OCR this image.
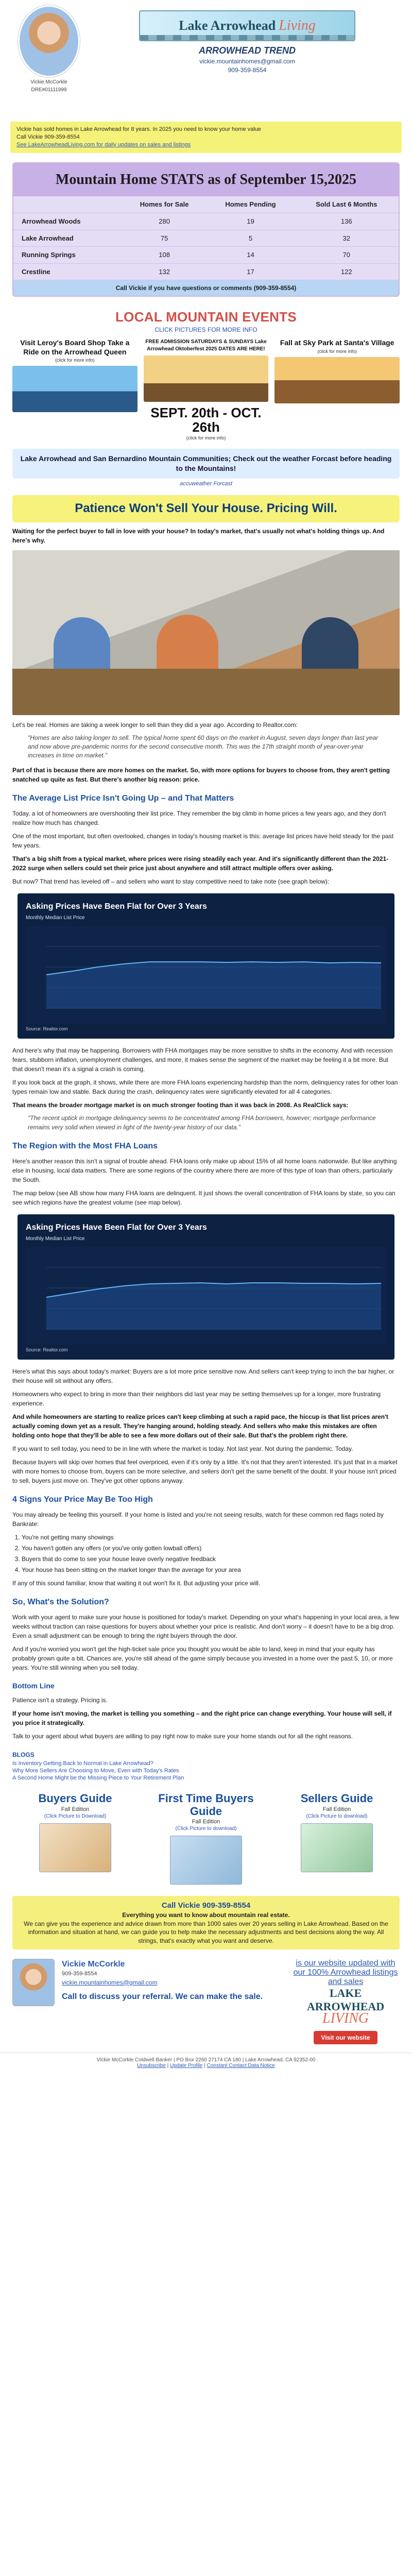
Vickie McCorkle
DRE#01111999
Lake Arrowhead Living
ARROWHEAD TREND
vickie.mountainhomes@gmail.com
909-359-8554
Vickie has sold homes in Lake Arrowhead for 8 years. In 2025 you need to know your home value
Call Vickie 909-359-8554
See LakeArrowheadLiving.com for daily updates on sales and listings
Mountain Home STATS as of September 15,2025
	Homes for Sale	Homes Pending	Sold Last 6 Months
Arrowhead Woods	280	19	136
Lake Arrowhead	75	5	32
Running Springs	108	14	70
Crestline	132	17	122
Call Vickie if you have questions or comments (909-359-8554)
LOCAL MOUNTAIN EVENTS
CLICK PICTURES FOR MORE INFO
Visit Leroy's Board Shop Take a Ride on the Arrowhead Queen
(click for more info)
FREE ADMISSION SATURDAYS & SUNDAYS Lake Arrowhead Oktoberfest 2025 DATES ARE HERE!
SEPT. 20th - OCT. 26th
(click for more info)
Fall at Sky Park at Santa's Village
(click for more info)
Lake Arrowhead and San Bernardino Mountain Communities; Check out the weather Forcast before heading to the Mountains!
accuweather Forcast
Patience Won't Sell Your House. Pricing Will.

Waiting for the perfect buyer to fall in love with your house? In today's market, that's usually not what's holding things up. And here's why.

Let's be real. Homes are taking a week longer to sell than they did a year ago. According to Realtor.com:

"Homes are also taking longer to sell. The typical home spent 60 days on the market in August, seven days longer than last year and now above pre-pandemic norms for the second consecutive month. This was the 17th straight month of year-over-year increases in time on market."

Part of that is because there are more homes on the market. So, with more options for buyers to choose from, they aren't getting snatched up quite as fast. But there's another big reason: price.

The Average List Price Isn't Going Up – and That Matters

Today, a lot of homeowners are overshooting their list price. They remember the big climb in home prices a few years ago, and they don't realize how much has changed.

One of the most important, but often overlooked, changes in today's housing market is this: average list prices have held steady for the past few years.

That's a big shift from a typical market, where prices were rising steadily each year. And it's significantly different than the 2021-2022 surge when sellers could set their price just about anywhere and still attract multiple offers over asking.

But now? That trend has leveled off – and sellers who want to stay competitive need to take note (see graph below):

Asking Prices Have Been Flat for Over 3 Years
Monthly Median List Price
Source: Realtor.com

And here's why that may be happening. Borrowers with FHA mortgages may be more sensitive to shifts in the economy. And with recession fears, stubborn inflation, unemployment challenges, and more, it makes sense the segment of the market may be feeling it a bit more. But that doesn't mean it's a signal a crash is coming.

If you look back at the graph, it shows, while there are more FHA loans experiencing hardship than the norm, delinquency rates for other loan types remain low and stable. Back during the crash, delinquency rates were significantly elevated for all 4 categories.

That means the broader mortgage market is on much stronger footing than it was back in 2008. As RealClick says:

"The recent uptick in mortgage delinquency seems to be concentrated among FHA borrowers, however; mortgage performance remains very solid when viewed in light of the twenty-year history of our data."

The Region with the Most FHA Loans

Here's another reason this isn't a signal of trouble ahead. FHA loans only make up about 15% of all home loans nationwide. But like anything else in housing, local data matters. There are some regions of the country where there are more of this type of loan than others, particularly the South.

The map below (see AB show how many FHA loans are delinquent. It just shows the overall concentration of FHA loans by state, so you can see which regions have the greatest volume (see map below).

Asking Prices Have Been Flat for Over 3 Years
Monthly Median List Price
Source: Realtor.com

Here's what this says about today's market: Buyers are a lot more price sensitive now. And sellers can't keep trying to inch the bar higher, or their house will sit without any offers.

Homeowners who expect to bring in more than their neighbors did last year may be setting themselves up for a longer, more frustrating experience.

And while homeowners are starting to realize prices can't keep climbing at such a rapid pace, the hiccup is that list prices aren't actually coming down yet as a result. They're hanging around, holding steady. And sellers who make this mistakes are often holding onto hope that they'll be able to see a few more dollars out of their sale. But that's the problem right there.

If you want to sell today, you need to be in line with where the market is today. Not last year. Not during the pandemic. Today.

Because buyers will skip over homes that feel overpriced, even if it's only by a little. It's not that they aren't interested. It's just that in a market with more homes to choose from, buyers can be more selective, and sellers don't get the same benefit of the doubt. If your house isn't priced to sell, buyers just move on. They've got other options anyway.

4 Signs Your Price May Be Too High

You may already be feeling this yourself. If your home is listed and you're not seeing results, watch for these common red flags noted by Bankrate:

1. You're not getting many showings
2. You haven't gotten any offers (or you've only gotten lowball offers)
3. Buyers that do come to see your house leave overly negative feedback
4. Your house has been sitting on the market longer than the average for your area

If any of this sound familiar, know that waiting it out won't fix it. But adjusting your price will.

So, What's the Solution?

Work with your agent to make sure your house is positioned for today's market. Depending on your what's happening in your local area, a few weeks without traction can raise questions for buyers about whether your price is realistic. And don't worry – it doesn't have to be a big drop. Even a small adjustment can be enough to bring the right buyers through the door.

And if you're worried you won't get the high-ticket sale price you thought you would be able to land, keep in mind that your equity has probably grown quite a bit. Chances are, you're still ahead of the game simply because you invested in a home over the past 5, 10, or more years. You're still winning when you sell today.

Bottom Line

Patience isn't a strategy. Pricing is.

If your home isn't moving, the market is telling you something – and the right price can change everything. Your house will sell, if you price it strategically.

Talk to your agent about what buyers are willing to pay right now to make sure your home stands out for all the right reasons.

BLOGS
Is Inventory Getting Back to Normal in Lake Arrowhead?
Why More Sellers Are Choosing to Move, Even with Today's Rates
A Second Home Might be the Missing Piece to Your Retirement Plan
Buyers Guide
Fall Edition
(Click Picture to Download)
First Time Buyers Guide
Fall Edition
(Click Picture to download)
Sellers Guide
Fall Edition
(Click Picture to download)
Call Vickie 909-359-8554
Everything you want to know about mountain real estate.
We can give you the experience and advice drawn from more than 1000 sales over 20 years selling in Lake Arrowhead. Based on the information and situation at hand, we can guide you to help make the necessary adjustments and best decisions along the way. All strings, that's exactly what you want and deserve.
Vickie McCorkle
909-359-8554
vickie.mountainhomes@gmail.com
Call to discuss your referral. We can make the sale.
is our website updated with our 100% Arrowhead listings and sales
LAKE ARROWHEAD
LIVING
Visit our website
Vickie McCorkle Coldwell Banker | PO Box 2260 27174 CA 180 | Lake Arrowhead, CA 92352-00
Unsubscribe | Update Profile | Constant Contact Data Notice
